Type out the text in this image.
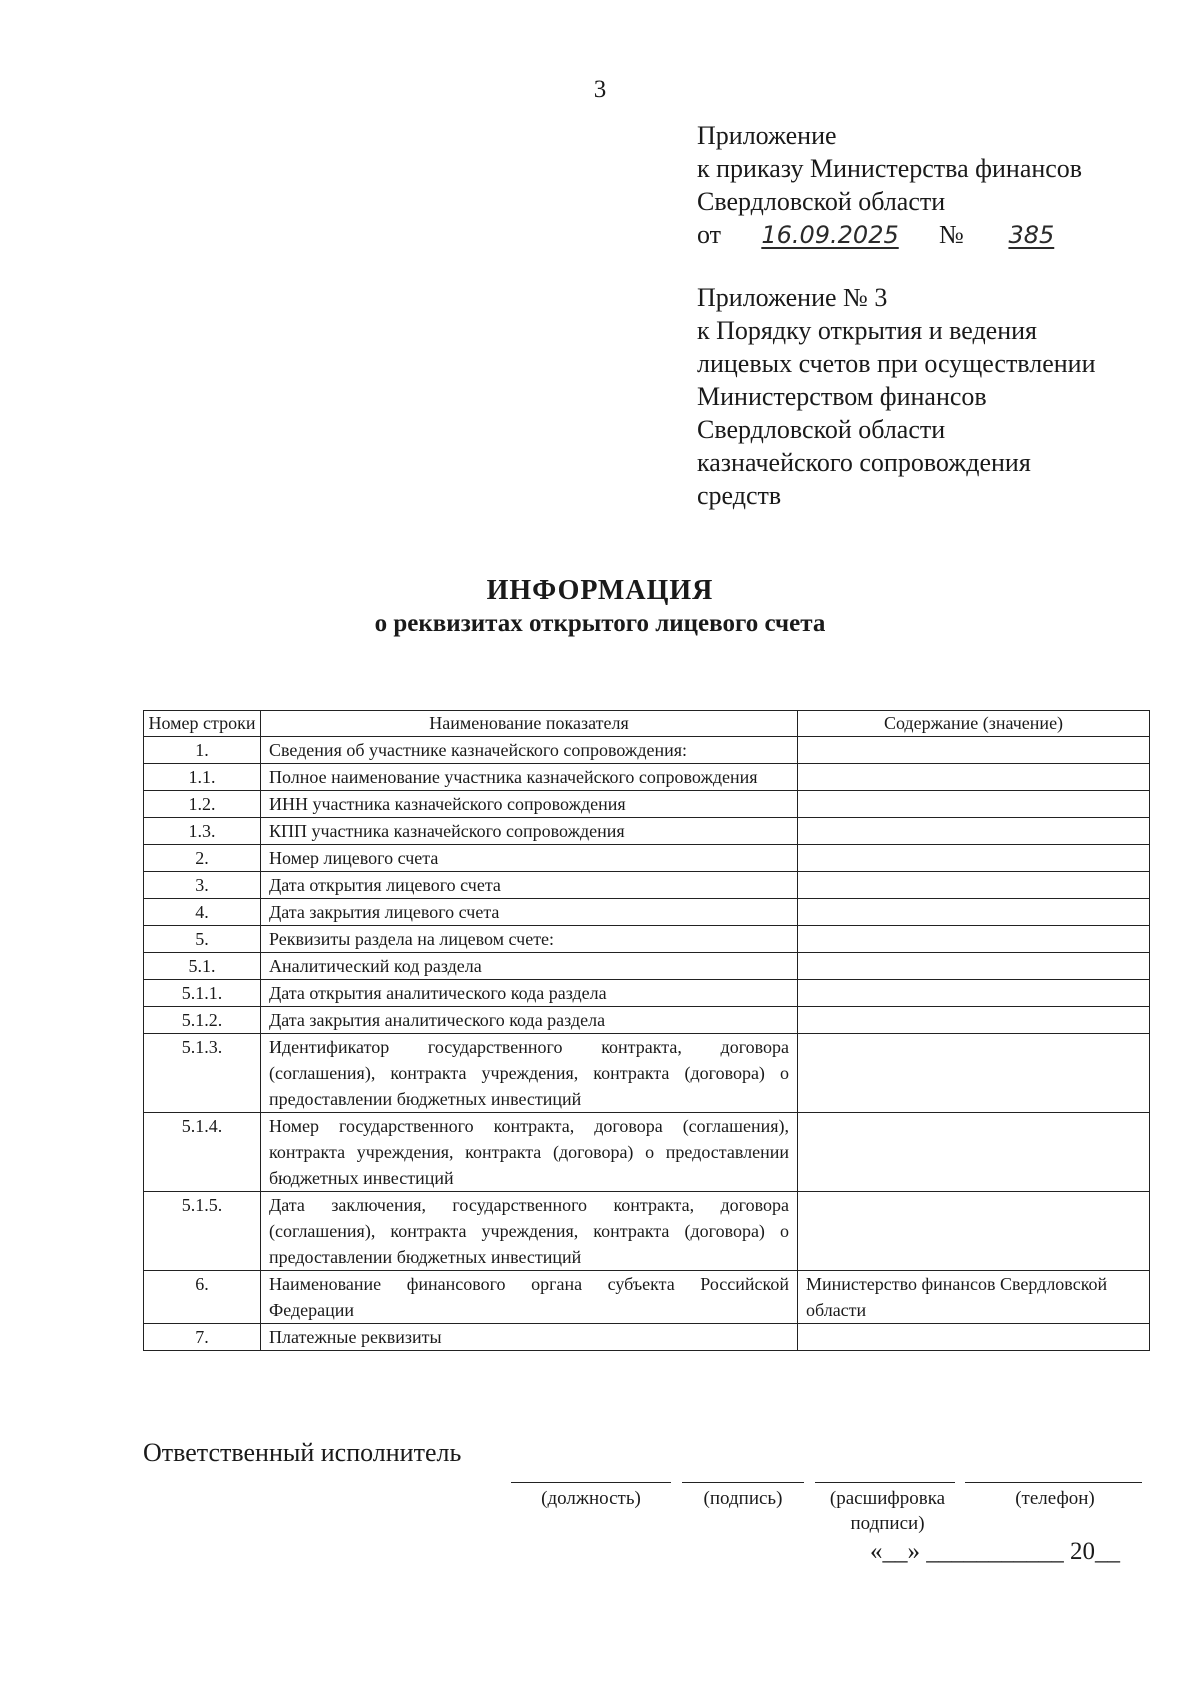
3
Приложение
к приказу Министерства финансов
Свердловской области
от 16.09.2025 № 385
Приложение № 3
к Порядку открытия и ведения
лицевых счетов при осуществлении
Министерством финансов
Свердловской области
казначейского сопровождения
средств
ИНФОРМАЦИЯ
о реквизитах открытого лицевого счета
Номер строки	Наименование показателя	Содержание (значение)
1.	Сведения об участнике казначейского сопровождения:	
1.1.	Полное наименование участника казначейского сопровождения	
1.2.	ИНН участника казначейского сопровождения	
1.3.	КПП участника казначейского сопровождения	
2.	Номер лицевого счета	
3.	Дата открытия лицевого счета	
4.	Дата закрытия лицевого счета	
5.	Реквизиты раздела на лицевом счете:	
5.1.	Аналитический код раздела	
5.1.1.	Дата открытия аналитического кода раздела	
5.1.2.	Дата закрытия аналитического кода раздела	
5.1.3.	Идентификатор государственного контракта, договора (соглашения), контракта учреждения, контракта (договора) о предоставлении бюджетных инвестиций	
5.1.4.	Номер государственного контракта, договора (соглашения), контракта учреждения, контракта (договора) о предоставлении бюджетных инвестиций	
5.1.5.	Дата заключения, государственного контракта, договора (соглашения), контракта учреждения, контракта (договора) о предоставлении бюджетных инвестиций	
6.	Наименование финансового органа субъекта Российской Федерации	Министерство финансов Свердловской области
7.	Платежные реквизиты	
Ответственный исполнитель
(должность)	(подпись)	(расшифровка подписи)
(телефон)
«__» ___________ 20__
